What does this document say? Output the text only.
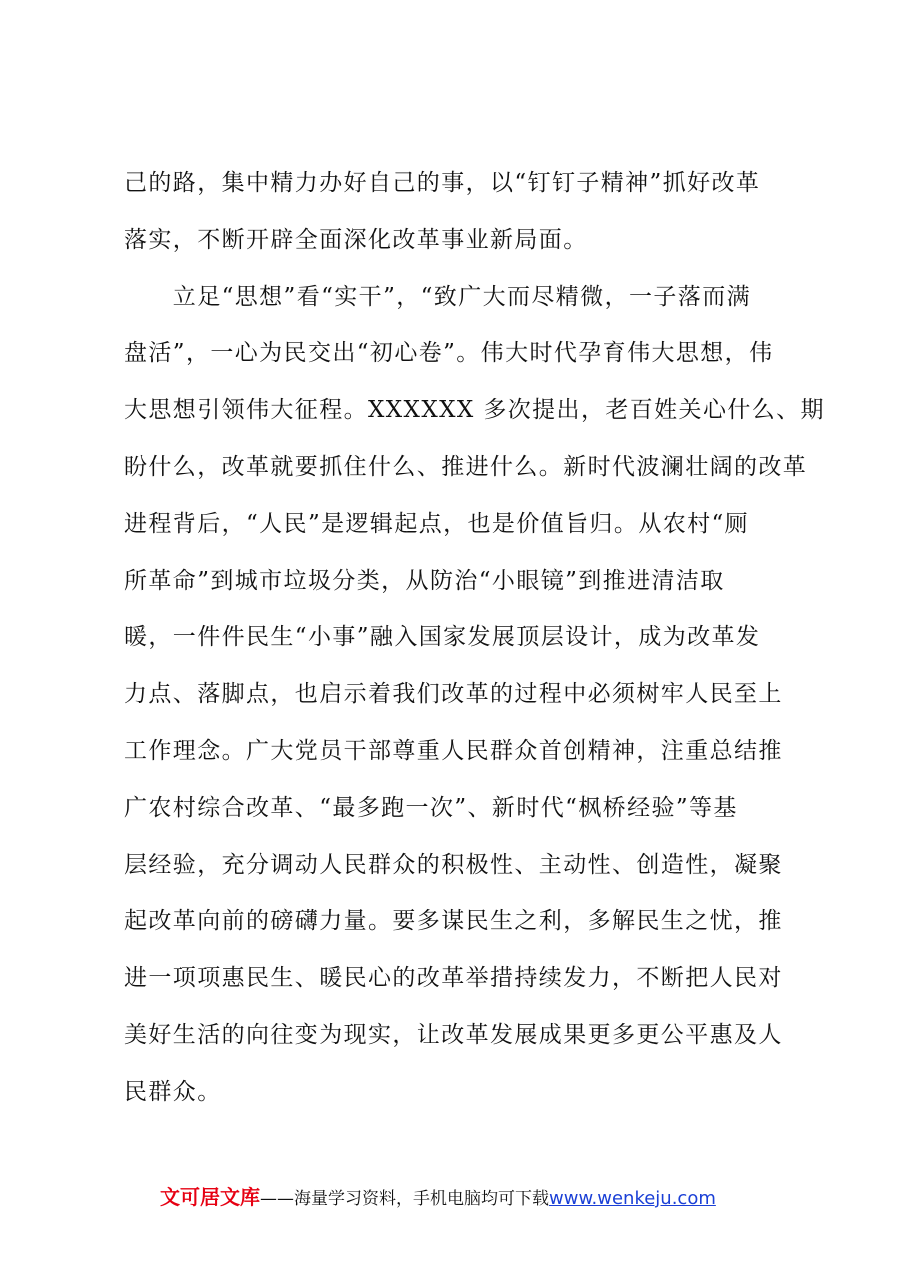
己的路，集中精力办好自己的事，以“钉钉子精神”抓好改革
落实，不断开辟全面深化改革事业新局面。
　　立足“思想”看“实干”，“致广大而尽精微，一子落而满
盘活”，一心为民交出“初心卷”。伟大时代孕育伟大思想，伟
大思想引领伟大征程。XXXXXX 多次提出，老百姓关心什么、期
盼什么，改革就要抓住什么、推进什么。新时代波澜壮阔的改革
进程背后，“人民”是逻辑起点，也是价值旨归。从农村“厕
所革命”到城市垃圾分类，从防治“小眼镜”到推进清洁取
暖，一件件民生“小事”融入国家发展顶层设计，成为改革发
力点、落脚点，也启示着我们改革的过程中必须树牢人民至上
工作理念。广大党员干部尊重人民群众首创精神，注重总结推
广农村综合改革、“最多跑一次”、新时代“枫桥经验”等基
层经验，充分调动人民群众的积极性、主动性、创造性，凝聚
起改革向前的磅礴力量。要多谋民生之利，多解民生之忧，推
进一项项惠民生、暖民心的改革举措持续发力，不断把人民对
美好生活的向往变为现实，让改革发展成果更多更公平惠及人
民群众。
文可居文库——海量学习资料，手机电脑均可下载www.wenkeju.com
